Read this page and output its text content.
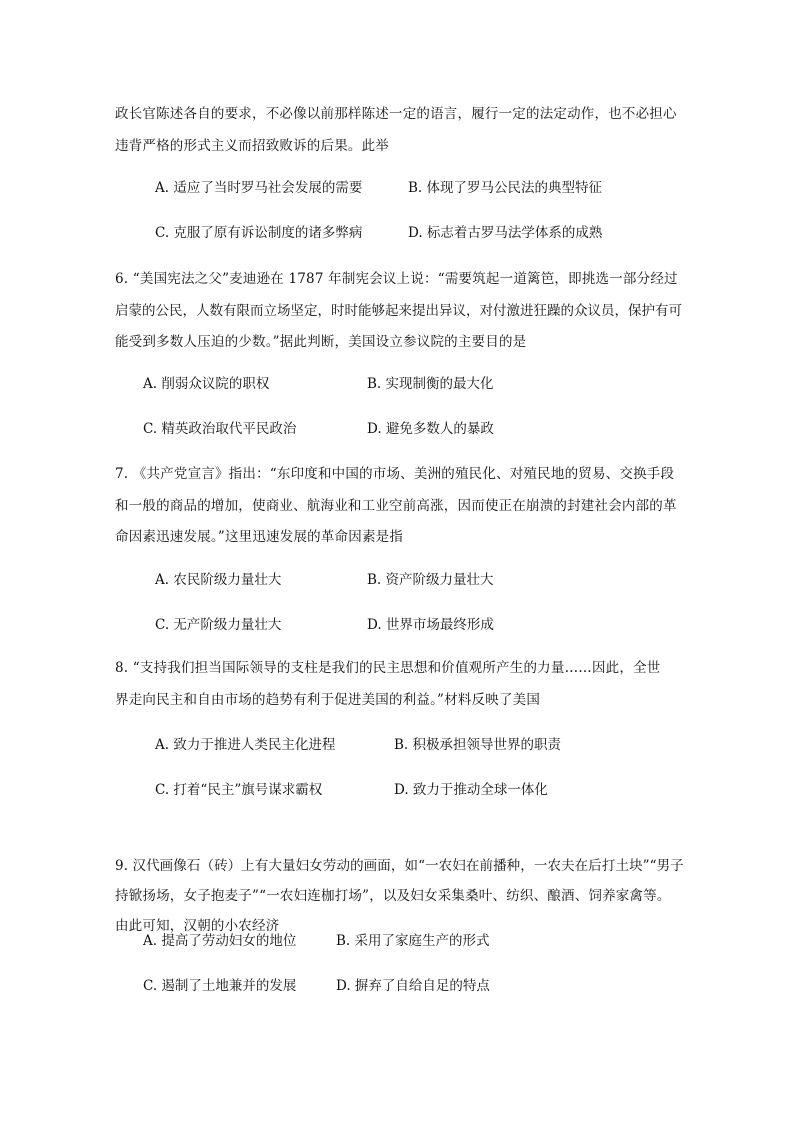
政长官陈述各自的要求，不必像以前那样陈述一定的语言，履行一定的法定动作，也不必担心
违背严格的形式主义而招致败诉的后果。此举
A. 适应了当时罗马社会发展的需要	B. 体现了罗马公民法的典型特征
C. 克服了原有诉讼制度的诸多弊病	D. 标志着古罗马法学体系的成熟
6. “美国宪法之父”麦迪逊在 1787 年制宪会议上说：“需要筑起一道篱笆，即挑选一部分经过
启蒙的公民，人数有限而立场坚定，时时能够起来提出异议，对付激进狂躁的众议员，保护有可
能受到多数人压迫的少数。”据此判断，美国设立参议院的主要目的是
A. 削弱众议院的职权	B. 实现制衡的最大化
C. 精英政治取代平民政治	D. 避免多数人的暴政
7. 《共产党宣言》指出：“东印度和中国的市场、美洲的殖民化、对殖民地的贸易、交换手段
和一般的商品的增加，使商业、航海业和工业空前高涨，因而使正在崩溃的封建社会内部的革
命因素迅速发展。”这里迅速发展的革命因素是指
A. 农民阶级力量壮大	B. 资产阶级力量壮大
C. 无产阶级力量壮大	D. 世界市场最终形成
8. “支持我们担当国际领导的支柱是我们的民主思想和价值观所产生的力量……因此，全世
界走向民主和自由市场的趋势有利于促进美国的利益。”材料反映了美国
A. 致力于推进人类民主化进程	B. 积极承担领导世界的职责
C. 打着“民主”旗号谋求霸权	D. 致力于推动全球一体化
9. 汉代画像石（砖）上有大量妇女劳动的画面，如“一农妇在前播种，一农夫在后打土块”“男子
持锨扬场，女子抱麦子”“一农妇连枷打场”，以及妇女采集桑叶、纺织、酿酒、饲养家禽等。
由此可知，汉朝的小农经济
A. 提高了劳动妇女的地位	B. 采用了家庭生产的形式
C. 遏制了土地兼并的发展	D. 摒弃了自给自足的特点
